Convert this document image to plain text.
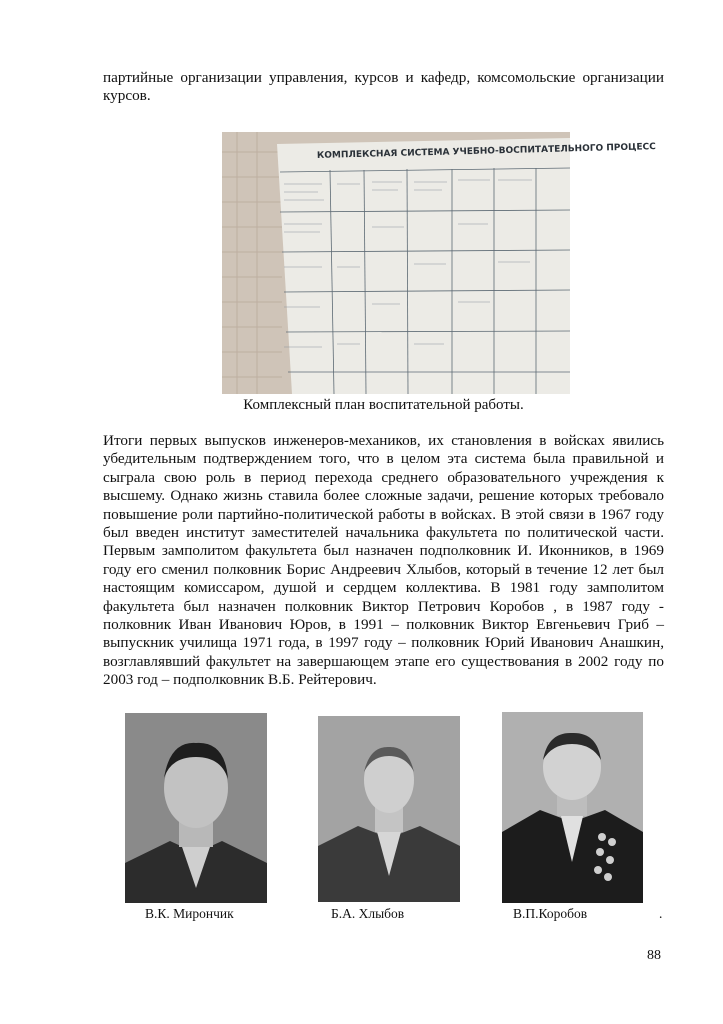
партийные организации управления, курсов и кафедр, комсомольские организации курсов.

КОМПЛЕКСНАЯ СИСТЕМА УЧЕБНО-ВОСПИТАТЕЛЬНОГО ПРОЦЕСС
Комплексный план воспитательной работы.

Итоги первых выпусков инженеров-механиков, их становления в войсках явились убедительным подтверждением того, что в целом эта система была правильной и сыграла свою роль в период перехода среднего образовательного учреждения к высшему. Однако жизнь ставила более сложные задачи, решение которых требовало повышение роли партийно-политической работы в войсках. В этой связи в 1967 году был введен институт заместителей начальника факультета по политической части. Первым замполитом факультета был назначен подполковник И. Иконников, в 1969 году его сменил полковник Борис Андреевич Хлыбов, который в течение 12 лет был настоящим комиссаром, душой и сердцем коллектива. В 1981 году замполитом факультета был назначен полковник Виктор Петрович Коробов , в 1987 году - полковник Иван Иванович Юров, в 1991 – полковник Виктор Евгеньевич Гриб – выпускник училища 1971 года, в 1997 году – полковник Юрий Иванович Анашкин, возглавлявший факультет на завершающем этапе его существования в 2002 году по 2003 год – подполковник В.Б. Рейтерович.

В.К. Мирончик	Б.А. Хлыбов	В.П.Коробов	.
88
